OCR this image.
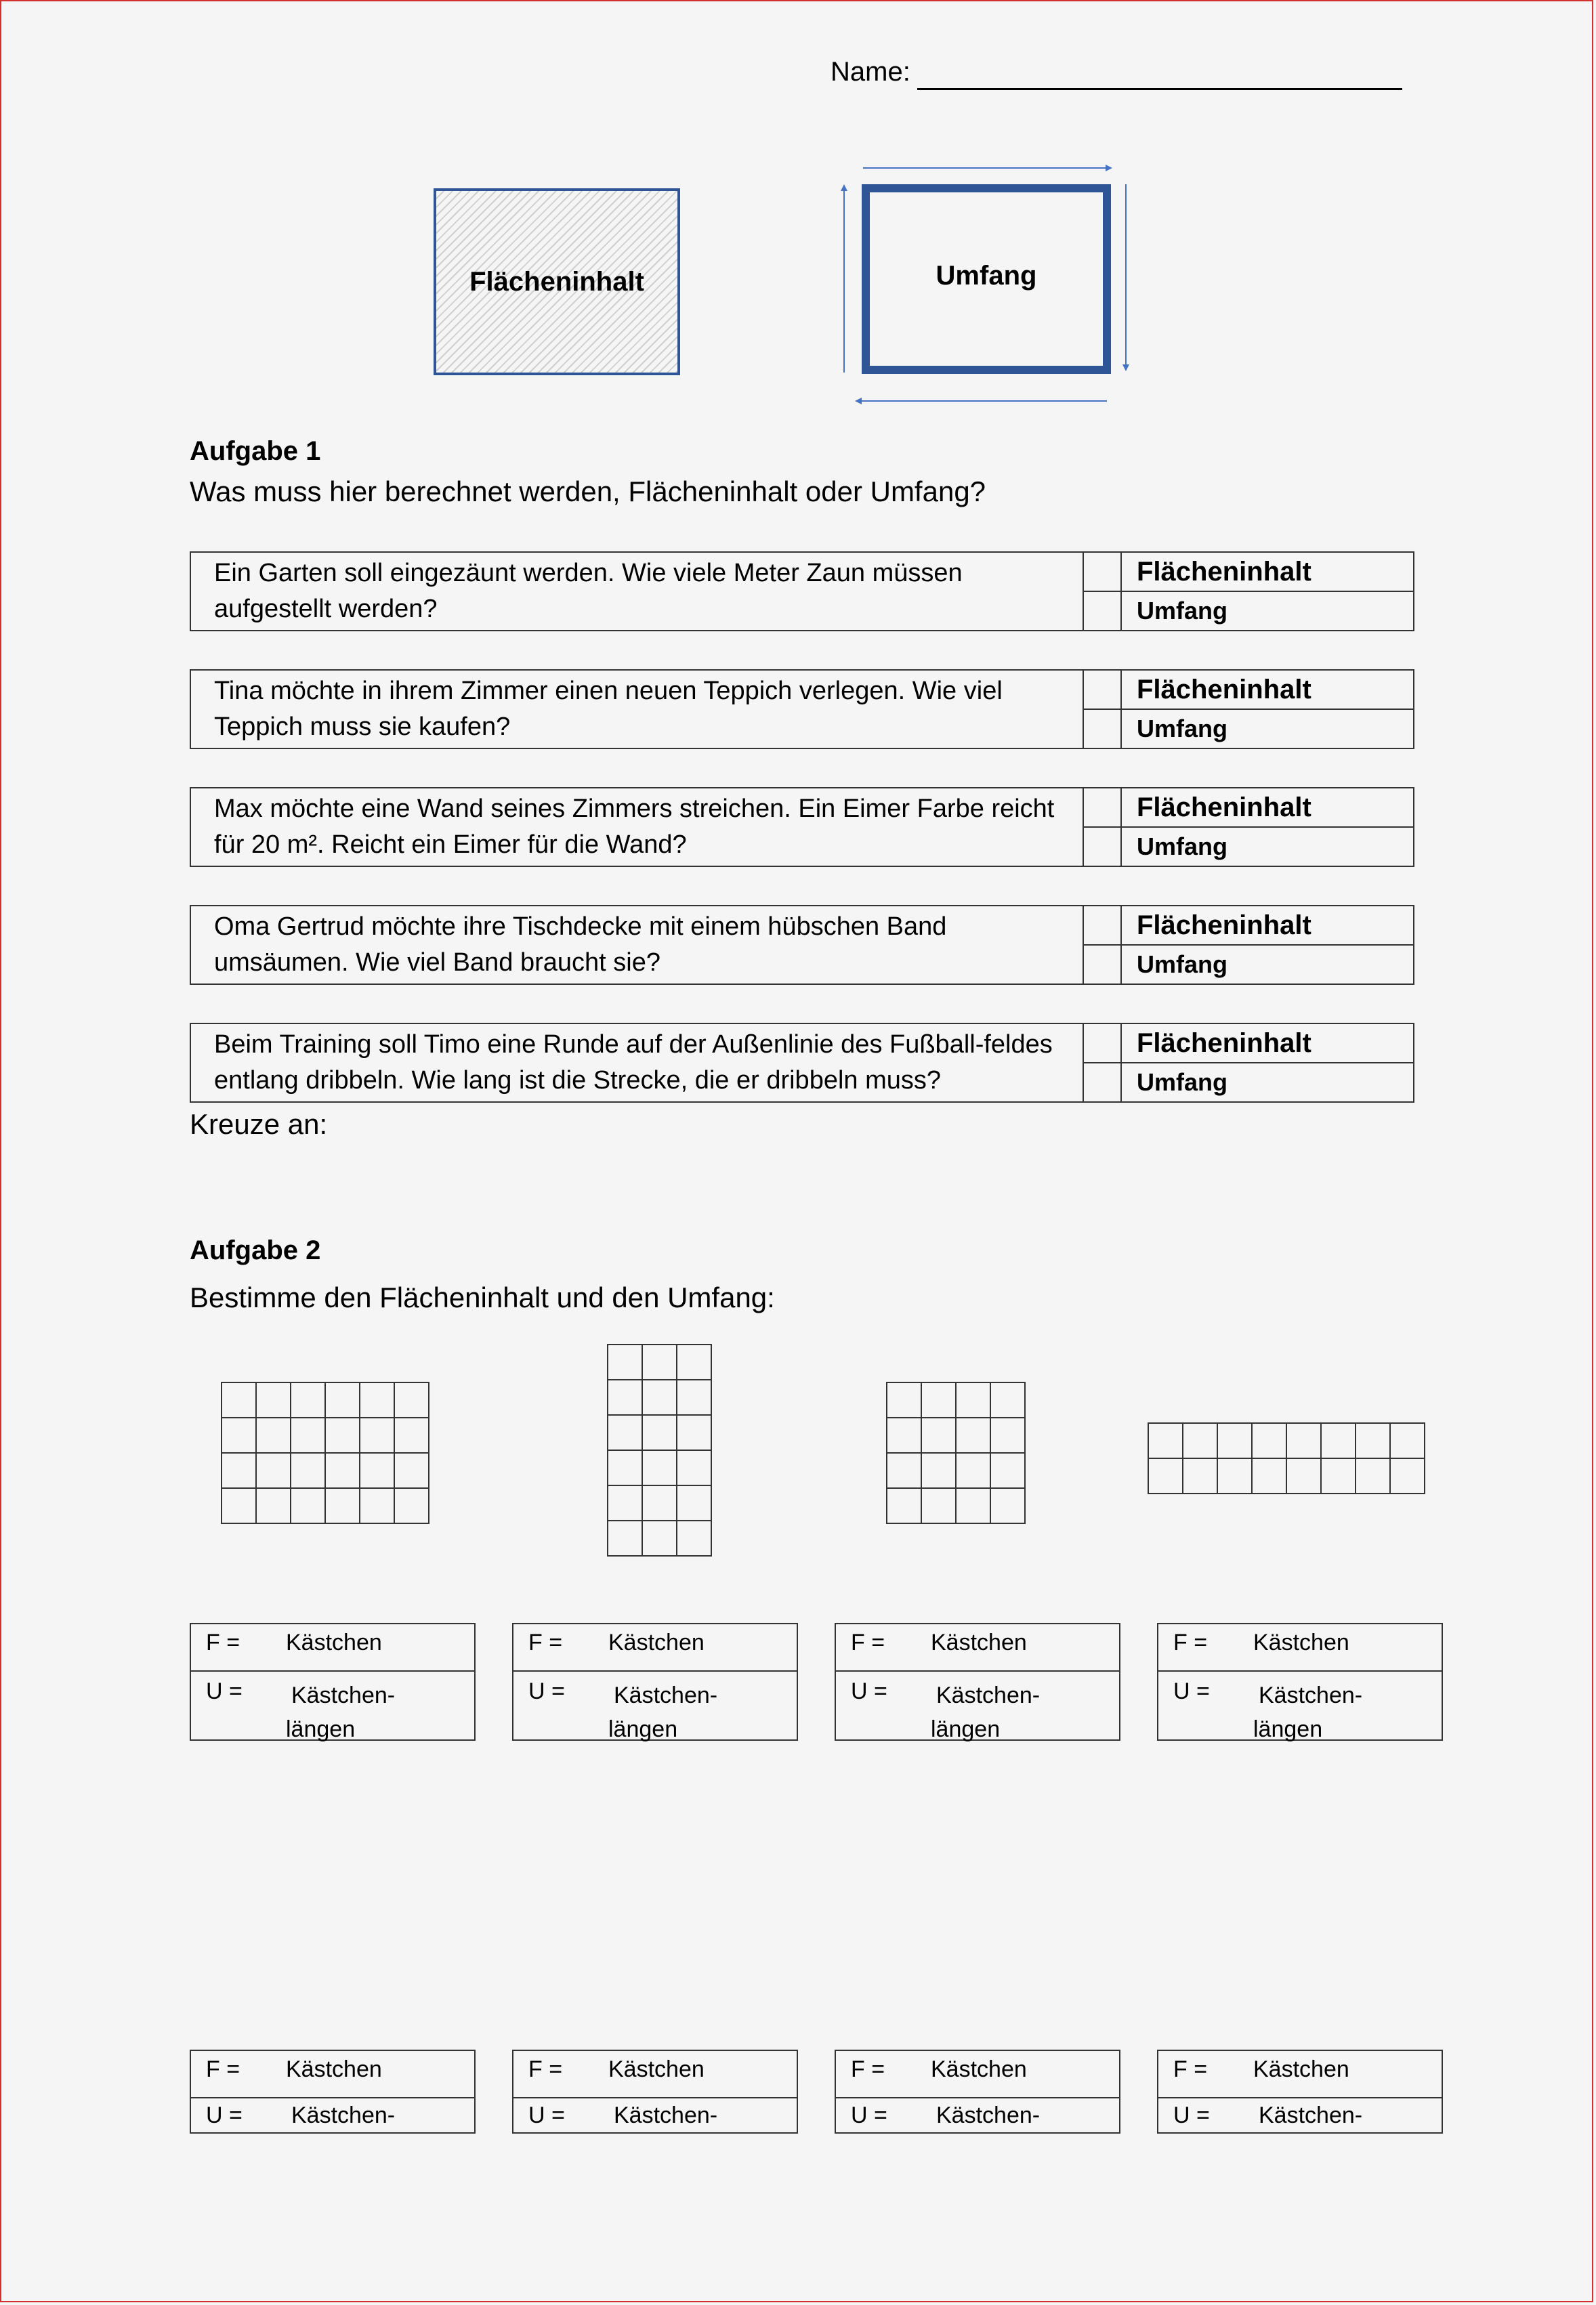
Name:
Flächeninhalt	Umfang
Aufgabe 1
Was muss hier berechnet werden, Flächeninhalt oder Umfang?
Ein Garten soll eingezäunt werden. Wie viele Meter Zaun müssen aufgestellt werden?
Flächeninhalt
Umfang
Tina möchte in ihrem Zimmer einen neuen Teppich verlegen. Wie viel Teppich muss sie kaufen?
Flächeninhalt
Umfang
Max möchte eine Wand seines Zimmers streichen. Ein Eimer Farbe reicht für 20 m². Reicht ein Eimer für die Wand?
Flächeninhalt
Umfang
Oma Gertrud möchte ihre Tischdecke mit einem hübschen Band umsäumen. Wie viel Band braucht sie?
Flächeninhalt
Umfang
Beim Training soll Timo eine Runde auf der Außenlinie des Fußball-feldes entlang dribbeln. Wie lang ist die Strecke, die er dribbeln muss?
Flächeninhalt
Umfang
Kreuze an:
Aufgabe 2
Bestimme den Flächeninhalt und den Umfang:

F = Kästchen
U = Kästchen-
längen
F = Kästchen
U = Kästchen-
längen
F = Kästchen
U = Kästchen-
längen
F = Kästchen
U = Kästchen-
längen
F = Kästchen
U = Kästchen-
F = Kästchen
U = Kästchen-
F = Kästchen
U = Kästchen-
F = Kästchen
U = Kästchen-
